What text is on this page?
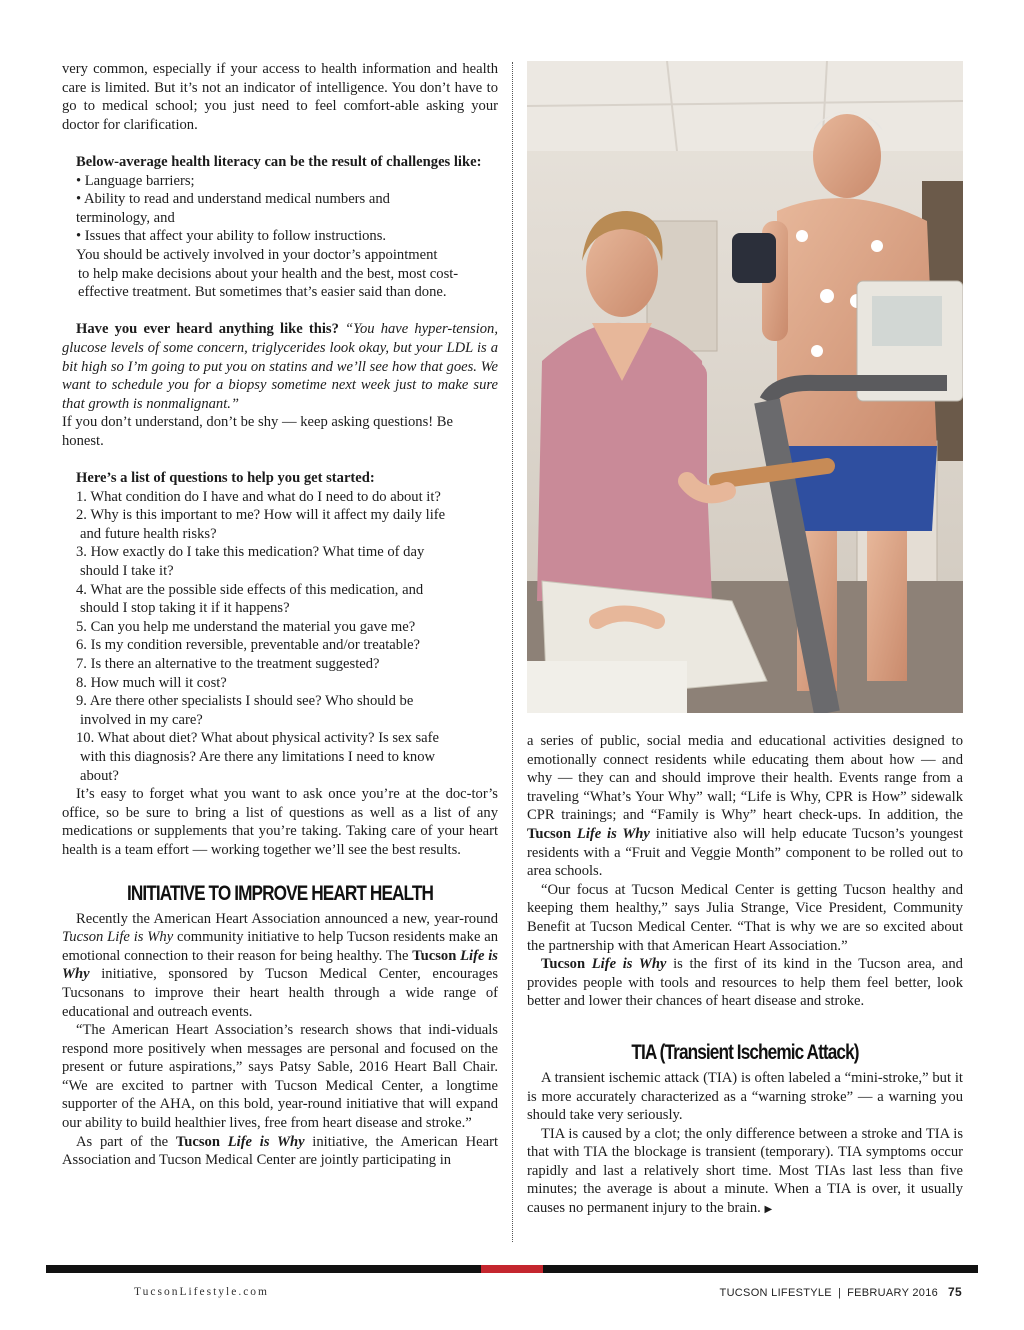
very common, especially if your access to health information and health care is limited. But it’s not an indicator of intelligence. You don’t have to go to medical school; you just need to feel comfort-able asking your doctor for clarification.

Below-average health literacy can be the result of challenges like:

• Language barriers;

• Ability to read and understand medical numbers and

terminology, and

• Issues that affect your ability to follow instructions.

You should be actively involved in your doctor’s appointment

to help make decisions about your health and the best, most cost-effective treatment. But sometimes that’s easier said than done.

Have you ever heard anything like this? “You have hyper-tension, glucose levels of some concern, triglycerides look okay, but your LDL is a bit high so I’m going to put you on statins and we’ll see how that goes. We want to schedule you for a biopsy sometime next week just to make sure that growth is nonmalignant.”

If you don’t understand, don’t be shy — keep asking questions! Be honest.

Here’s a list of questions to help you get started:

1. What condition do I have and what do I need to do about it?

2. Why is this important to me? How will it affect my daily life

and future health risks?

3. How exactly do I take this medication? What time of day

should I take it?

4. What are the possible side effects of this medication, and

should I stop taking it if it happens?

5. Can you help me understand the material you gave me?

6. Is my condition reversible, preventable and/or treatable?

7. Is there an alternative to the treatment suggested?

8. How much will it cost?

9. Are there other specialists I should see? Who should be

involved in my care?

10. What about diet? What about physical activity? Is sex safe

with this diagnosis? Are there any limitations I need to know about?

It’s easy to forget what you want to ask once you’re at the doc-tor’s office, so be sure to bring a list of questions as well as a list of any medications or supplements that you’re taking. Taking care of your heart health is a team effort — working together we’ll see the best results.

INITIATIVE TO IMPROVE HEART HEALTH

Recently the American Heart Association announced a new, year-round Tucson Life is Why community initiative to help Tucson residents make an emotional connection to their reason for being healthy. The Tucson Life is Why initiative, sponsored by Tucson Medical Center, encourages Tucsonans to improve their heart health through a wide range of educational and outreach events.

“The American Heart Association’s research shows that indi-viduals respond more positively when messages are personal and focused on the present or future aspirations,” says Patsy Sable, 2016 Heart Ball Chair. “We are excited to partner with Tucson Medical Center, a longtime supporter of the AHA, on this bold, year-round initiative that will expand our ability to build healthier lives, free from heart disease and stroke.”

As part of the Tucson Life is Why initiative, the American Heart Association and Tucson Medical Center are jointly participating in

a series of public, social media and educational activities designed to emotionally connect residents while educating them about how — and why — they can and should improve their health. Events range from a traveling “What’s Your Why” wall; “Life is Why, CPR is How” sidewalk CPR trainings; and “Family is Why” heart check-ups. In addition, the Tucson Life is Why initiative also will help educate Tucson’s youngest residents with a “Fruit and Veggie Month” component to be rolled out to area schools.

“Our focus at Tucson Medical Center is getting Tucson healthy and keeping them healthy,” says Julia Strange, Vice President, Community Benefit at Tucson Medical Center. “That is why we are so excited about the partnership with that American Heart Association.”

Tucson Life is Why is the first of its kind in the Tucson area, and provides people with tools and resources to help them feel better, look better and lower their chances of heart disease and stroke.

TIA (Transient Ischemic Attack)

A transient ischemic attack (TIA) is often labeled a “mini-stroke,” but it is more accurately characterized as a “warning stroke” — a warning you should take very seriously.

TIA is caused by a clot; the only difference between a stroke and TIA is that with TIA the blockage is transient (temporary). TIA symptoms occur rapidly and last a relatively short time. Most TIAs last less than five minutes; the average is about a minute. When a TIA is over, it usually causes no permanent injury to the brain. ▶

TucsonLifestyle.com	TUCSON LIFESTYLE | FEBRUARY 2016 75
